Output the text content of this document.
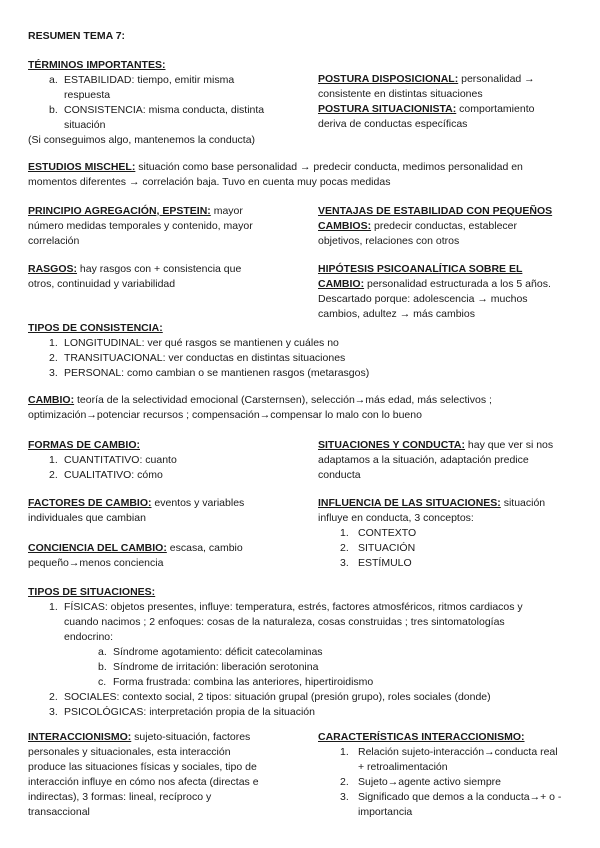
RESUMEN TEMA 7:
TÉRMINOS IMPORTANTES:
a. ESTABILIDAD: tiempo, emitir misma
respuesta
b. CONSISTENCIA: misma conducta, distinta
situación
(Si conseguimos algo, mantenemos la conducta)
POSTURA DISPOSICIONAL: personalidad →
consistente en distintas situaciones
POSTURA SITUACIONISTA: comportamiento
deriva de conductas específicas
ESTUDIOS MISCHEL: situación como base personalidad → predecir conducta, medimos personalidad en
momentos diferentes → correlación baja. Tuvo en cuenta muy pocas medidas
PRINCIPIO AGREGACIÓN, EPSTEIN: mayor
número medidas temporales y contenido, mayor
correlación
VENTAJAS DE ESTABILIDAD CON PEQUEÑOS
CAMBIOS: predecir conductas, establecer
objetivos, relaciones con otros
RASGOS: hay rasgos con + consistencia que
otros, continuidad y variabilidad
HIPÓTESIS PSICOANALÍTICA SOBRE EL
CAMBIO: personalidad estructurada a los 5 años.
Descartado porque: adolescencia → muchos
cambios, adultez → más cambios
TIPOS DE CONSISTENCIA:
1. LONGITUDINAL: ver qué rasgos se mantienen y cuáles no
2. TRANSITUACIONAL: ver conductas en distintas situaciones
3. PERSONAL: como cambian o se mantienen rasgos (metarasgos)
CAMBIO: teoría de la selectividad emocional (Carsternsen), selección→más edad, más selectivos ;
optimización→potenciar recursos ; compensación→compensar lo malo con lo bueno
FORMAS DE CAMBIO:
1. CUANTITATIVO: cuanto
2. CUALITATIVO: cómo
SITUACIONES Y CONDUCTA: hay que ver si nos
adaptamos a la situación, adaptación predice
conducta
FACTORES DE CAMBIO: eventos y variables
individuales que cambian
INFLUENCIA DE LAS SITUACIONES: situación
influye en conducta, 3 conceptos:
1. CONTEXTO
2. SITUACIÓN
3. ESTÍMULO
CONCIENCIA DEL CAMBIO: escasa, cambio
pequeño→menos conciencia
TIPOS DE SITUACIONES:
1. FÍSICAS: objetos presentes, influye: temperatura, estrés, factores atmosféricos, ritmos cardiacos y
cuando nacimos ; 2 enfoques: cosas de la naturaleza, cosas construidas ; tres sintomatologías
endocrino:
a. Síndrome agotamiento: déficit catecolaminas
b. Síndrome de irritación: liberación serotonina
c. Forma frustrada: combina las anteriores, hipertiroidismo
2. SOCIALES: contexto social, 2 tipos: situación grupal (presión grupo), roles sociales (donde)
3. PSICOLÓGICAS: interpretación propia de la situación
INTERACCIONISMO: sujeto-situación, factores
personales y situacionales, esta interacción
produce las situaciones físicas y sociales, tipo de
interacción influye en cómo nos afecta (directas e
indirectas), 3 formas: lineal, recíproco y
transaccional
CARACTERÍSTICAS INTERACCIONISMO:
1. Relación sujeto-interacción→conducta real
+ retroalimentación
2. Sujeto→agente activo siempre
3. Significado que demos a la conducta→+ o -
importancia
